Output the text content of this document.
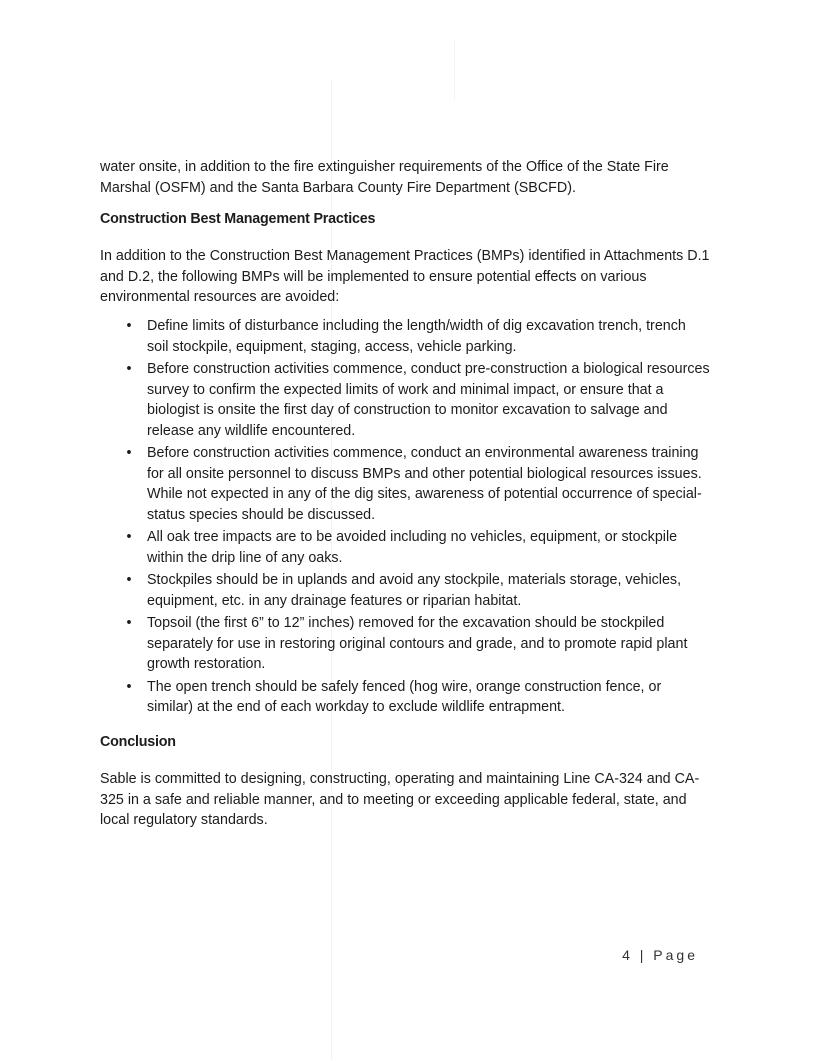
water onsite, in addition to the fire extinguisher requirements of the Office of the State Fire Marshal (OSFM) and the Santa Barbara County Fire Department (SBCFD).

Construction Best Management Practices

In addition to the Construction Best Management Practices (BMPs) identified in Attachments D.1 and D.2, the following BMPs will be implemented to ensure potential effects on various environmental resources are avoided:

• Define limits of disturbance including the length/width of dig excavation trench, trench soil stockpile, equipment, staging, access, vehicle parking.
• Before construction activities commence, conduct pre-construction a biological resources survey to confirm the expected limits of work and minimal impact, or ensure that a biologist is onsite the first day of construction to monitor excavation to salvage and release any wildlife encountered.
• Before construction activities commence, conduct an environmental awareness training for all onsite personnel to discuss BMPs and other potential biological resources issues. While not expected in any of the dig sites, awareness of potential occurrence of special-status species should be discussed.
• All oak tree impacts are to be avoided including no vehicles, equipment, or stockpile within the drip line of any oaks.
• Stockpiles should be in uplands and avoid any stockpile, materials storage, vehicles, equipment, etc. in any drainage features or riparian habitat.
• Topsoil (the first 6” to 12” inches) removed for the excavation should be stockpiled separately for use in restoring original contours and grade, and to promote rapid plant growth restoration.
• The open trench should be safely fenced (hog wire, orange construction fence, or similar) at the end of each workday to exclude wildlife entrapment.
Conclusion

Sable is committed to designing, constructing, operating and maintaining Line CA-324 and CA-325 in a safe and reliable manner, and to meeting or exceeding applicable federal, state, and local regulatory standards.

4 | Page
